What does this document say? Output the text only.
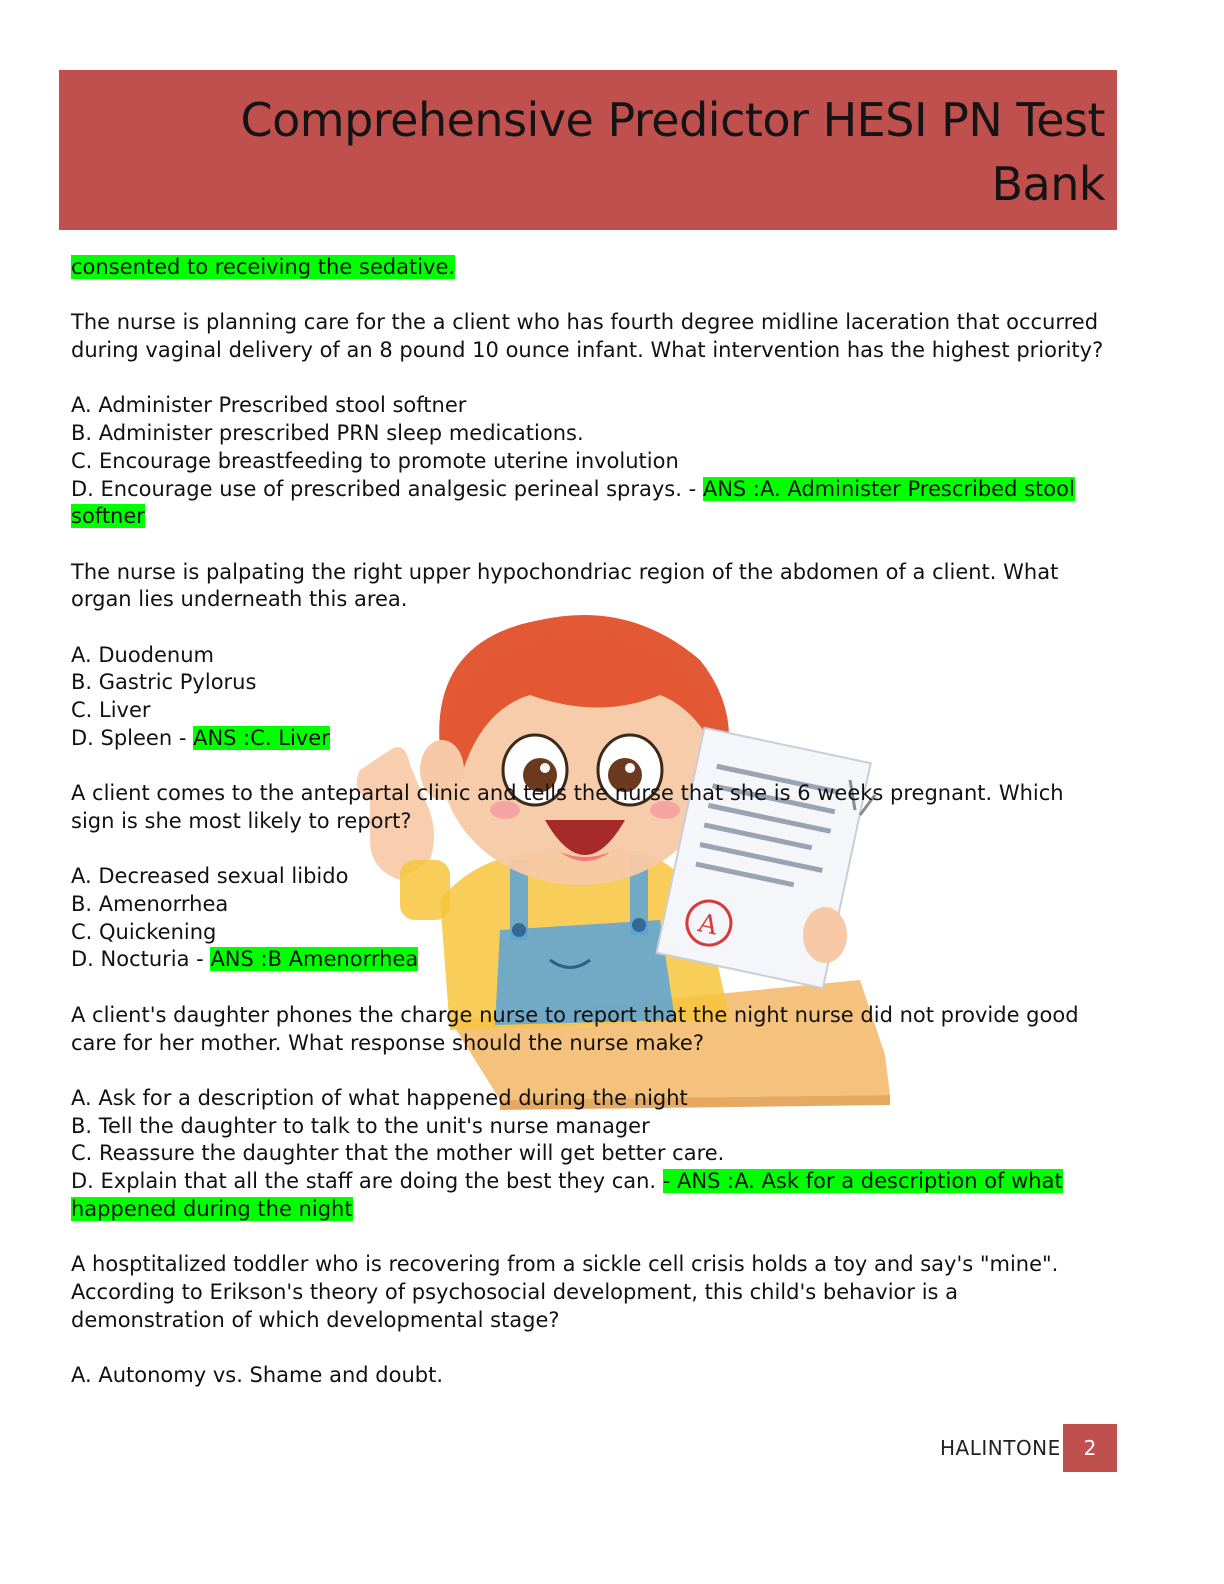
Comprehensive Predictor HESI PN Test Bank
A

consented to receiving the sedative.

The nurse is planning care for the a client who has fourth degree midline laceration that occurred during vaginal delivery of an 8 pound 10 ounce infant. What intervention has the highest priority?

A. Administer Prescribed stool softner
B. Administer prescribed PRN sleep medications.
C. Encourage breastfeeding to promote uterine involution
D. Encourage use of prescribed analgesic perineal sprays. - ANS :A. Administer Prescribed stool softner

The nurse is palpating the right upper hypochondriac region of the abdomen of a client. What organ lies underneath this area.

A. Duodenum
B. Gastric Pylorus
C. Liver
D. Spleen - ANS :C. Liver

A client comes to the antepartal clinic and tells the nurse that she is 6 weeks pregnant. Which sign is she most likely to report?

A. Decreased sexual libido
B. Amenorrhea
C. Quickening
D. Nocturia - ANS :B Amenorrhea

A client's daughter phones the charge nurse to report that the night nurse did not provide good care for her mother. What response should the nurse make?

A. Ask for a description of what happened during the night
B. Tell the daughter to talk to the unit's nurse manager
C. Reassure the daughter that the mother will get better care.
D. Explain that all the staff are doing the best they can. - ANS :A. Ask for a description of what happened during the night

A hosptitalized toddler who is recovering from a sickle cell crisis holds a toy and say's "mine". According to Erikson's theory of psychosocial development, this child's behavior is a demonstration of which developmental stage?

A. Autonomy vs. Shame and doubt.

HALINTONE	2
